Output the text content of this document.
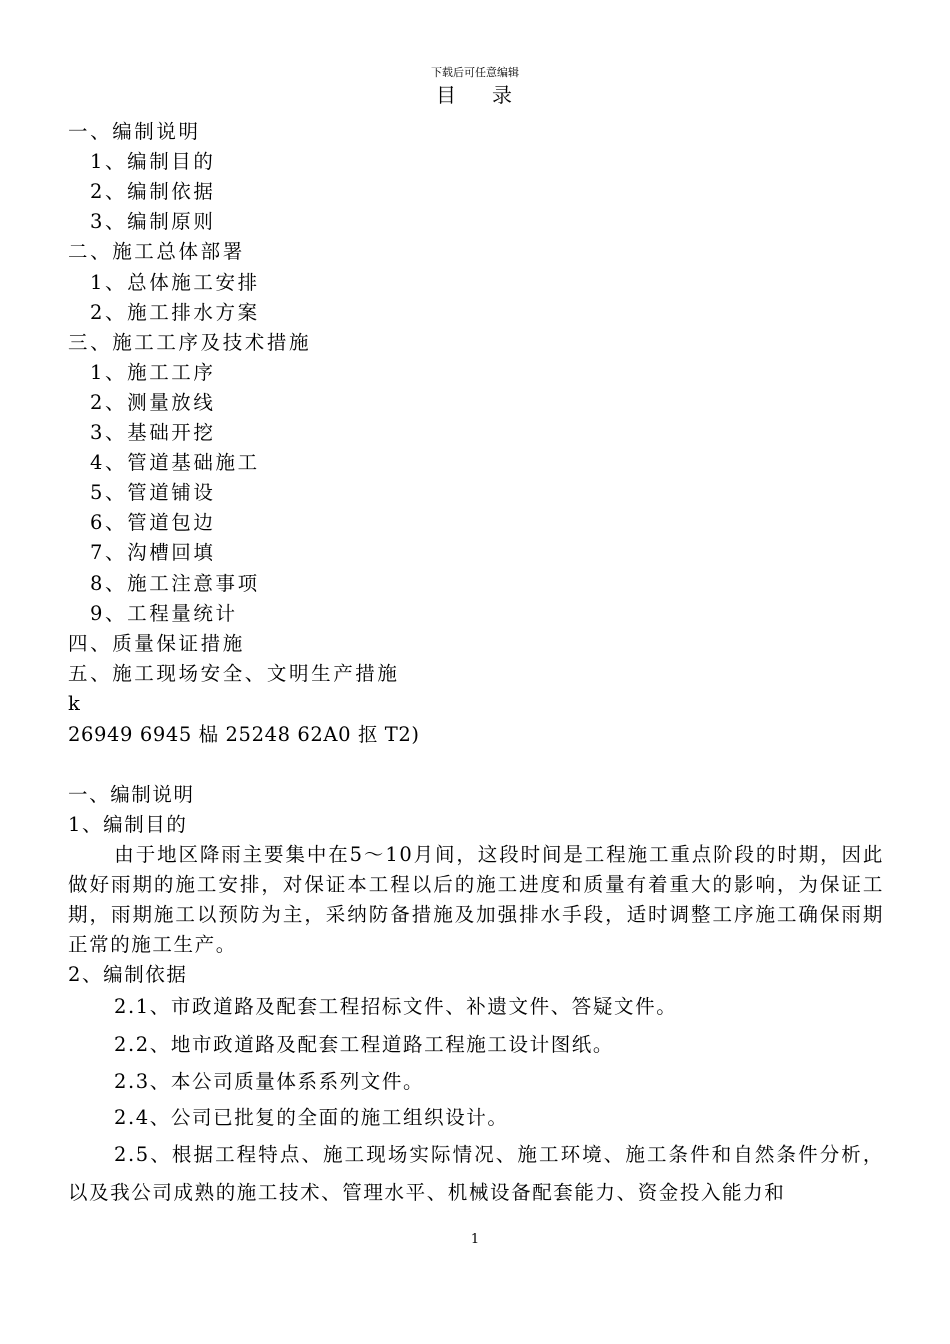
下载后可任意编辑
目 录
一、编制说明
1、编制目的
2、编制依据
3、编制原则
二、施工总体部署
1、总体施工安排
2、施工排水方案
三、施工工序及技术措施
1、施工工序
2、测量放线
3、基础开挖
4、管道基础施工
5、管道铺设
6、管道包边
7、沟槽回填
8、施工注意事项
9、工程量统计
四、质量保证措施
五、施工现场安全、文明生产措施
k
26949 6945 榀 25248 62A0 抠 T2)
一、编制说明
1、编制目的
由于地区降雨主要集中在5～10月间，这段时间是工程施工重点阶段的时期，因此做好雨期的施工安排，对保证本工程以后的施工进度和质量有着重大的影响，为保证工期，雨期施工以预防为主，采纳防备措施及加强排水手段，适时调整工序施工确保雨期正常的施工生产。
2、编制依据
2.1、市政道路及配套工程招标文件、补遗文件、答疑文件。
2.2、地市政道路及配套工程道路工程施工设计图纸。
2.3、本公司质量体系系列文件。
2.4、公司已批复的全面的施工组织设计。
2.5、根据工程特点、施工现场实际情况、施工环境、施工条件和自然条件分析，以及我公司成熟的施工技术、管理水平、机械设备配套能力、资金投入能力和
1
